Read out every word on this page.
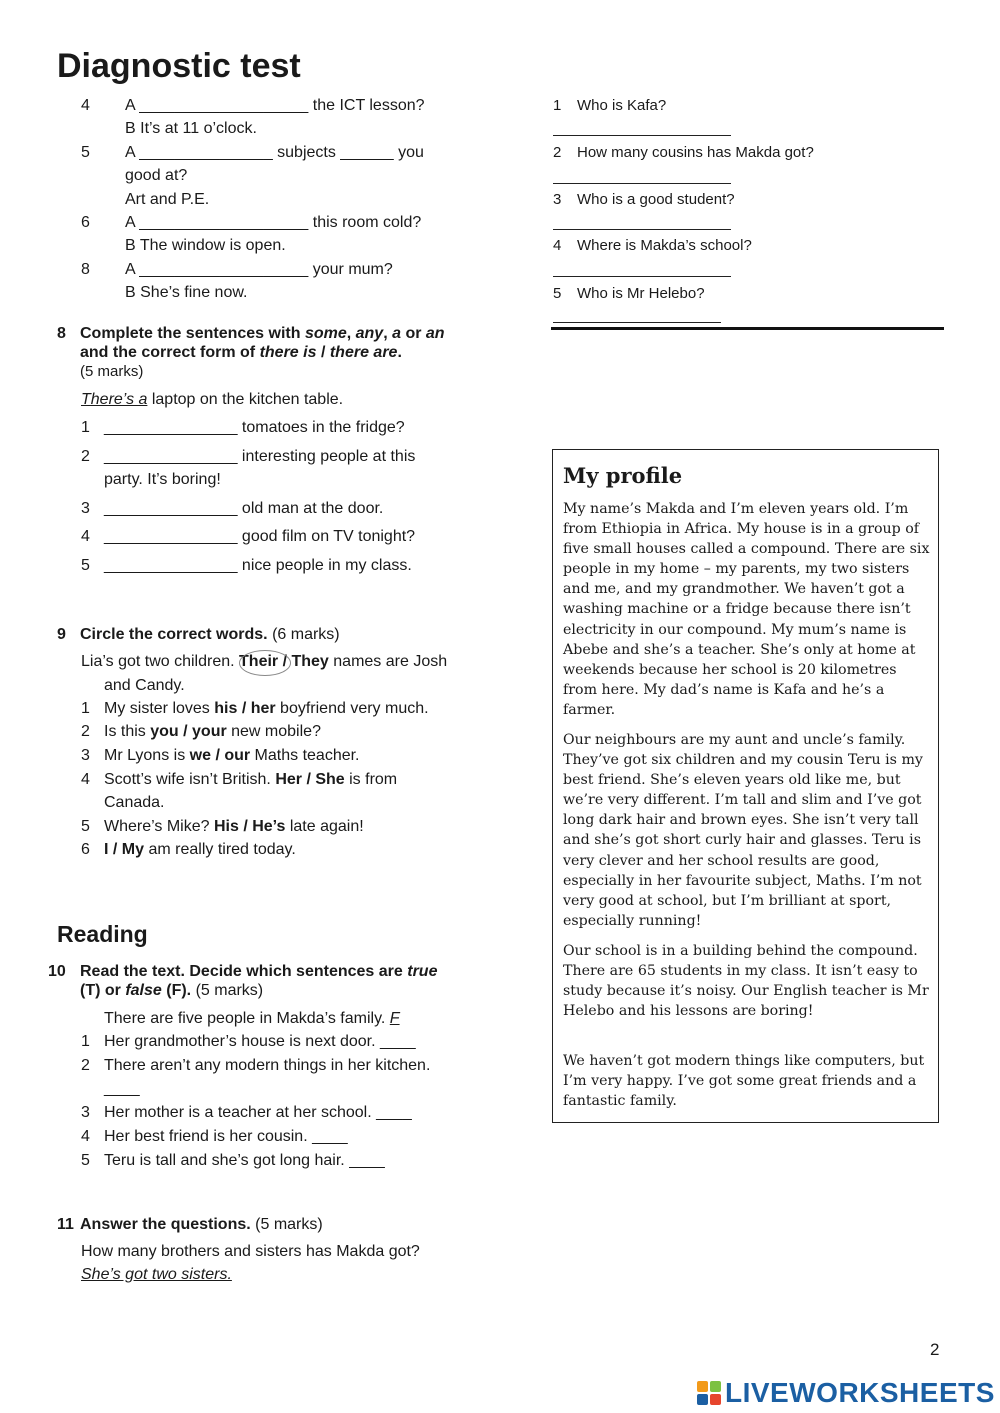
Diagnostic test
4 A ___________________ the ICT lesson?
B It’s at 11 o’clock.
5 A _______________ subjects ______ you
good at?
Art and P.E.
6 A ___________________ this room cold?
B The window is open.
8 A ___________________ your mum?
B She’s fine now.
8 Complete the sentences with some, any, a or an
and the correct form of there is / there are.
(5 marks)
There’s a laptop on the kitchen table.
1 _______________ tomatoes in the fridge?
2 _______________ interesting people at this
party. It’s boring!
3 _______________ old man at the door.
4 _______________ good film on TV tonight?
5 _______________ nice people in my class.
9 Circle the correct words. (6 marks)
Lia’s got two children. Their / They names are Josh
and Candy.
1 My sister loves his / her boyfriend very much.
2 Is this you / your new mobile?
3 Mr Lyons is we / our Maths teacher.
4 Scott’s wife isn’t British. Her / She is from
Canada.
5 Where’s Mike? His / He’s late again!
6 I / My am really tired today.
Reading
10 Read the text. Decide which sentences are true
(T) or false (F). (5 marks)
There are five people in Makda’s family. F
1 Her grandmother’s house is next door. ____
2 There aren’t any modern things in her kitchen.
____
3 Her mother is a teacher at her school. ____
4 Her best friend is her cousin. ____
5 Teru is tall and she’s got long hair. ____
11 Answer the questions. (5 marks)
How many brothers and sisters has Makda got?
She’s got two sisters.
1 Who is Kafa?
2 How many cousins has Makda got?
3 Who is a good student?
4 Where is Makda’s school?
5 Who is Mr Helebo?
My profile

My name’s Makda and I’m eleven years old. I’m from Ethiopia in Africa. My house is in a group of five small houses called a compound. There are six people in my home – my parents, my two sisters and me, and my grandmother. We haven’t got a washing machine or a fridge because there isn’t electricity in our compound. My mum’s name is Abebe and she’s a teacher. She’s only at home at weekends because her school is 20 kilometres from here. My dad’s name is Kafa and he’s a farmer.

Our neighbours are my aunt and uncle’s family. They’ve got six children and my cousin Teru is my best friend. She’s eleven years old like me, but we’re very different. I’m tall and slim and I’ve got long dark hair and brown eyes. She isn’t very tall and she’s got short curly hair and glasses. Teru is very clever and her school results are good, especially in her favourite subject, Maths. I’m not very good at school, but I’m brilliant at sport, especially running!

Our school is in a building behind the compound. There are 65 students in my class. It isn’t easy to study because it’s noisy. Our English teacher is Mr Helebo and his lessons are boring!

We haven’t got modern things like computers, but I’m very happy. I’ve got some great friends and a fantastic family.

2
LIVEWORKSHEETS
